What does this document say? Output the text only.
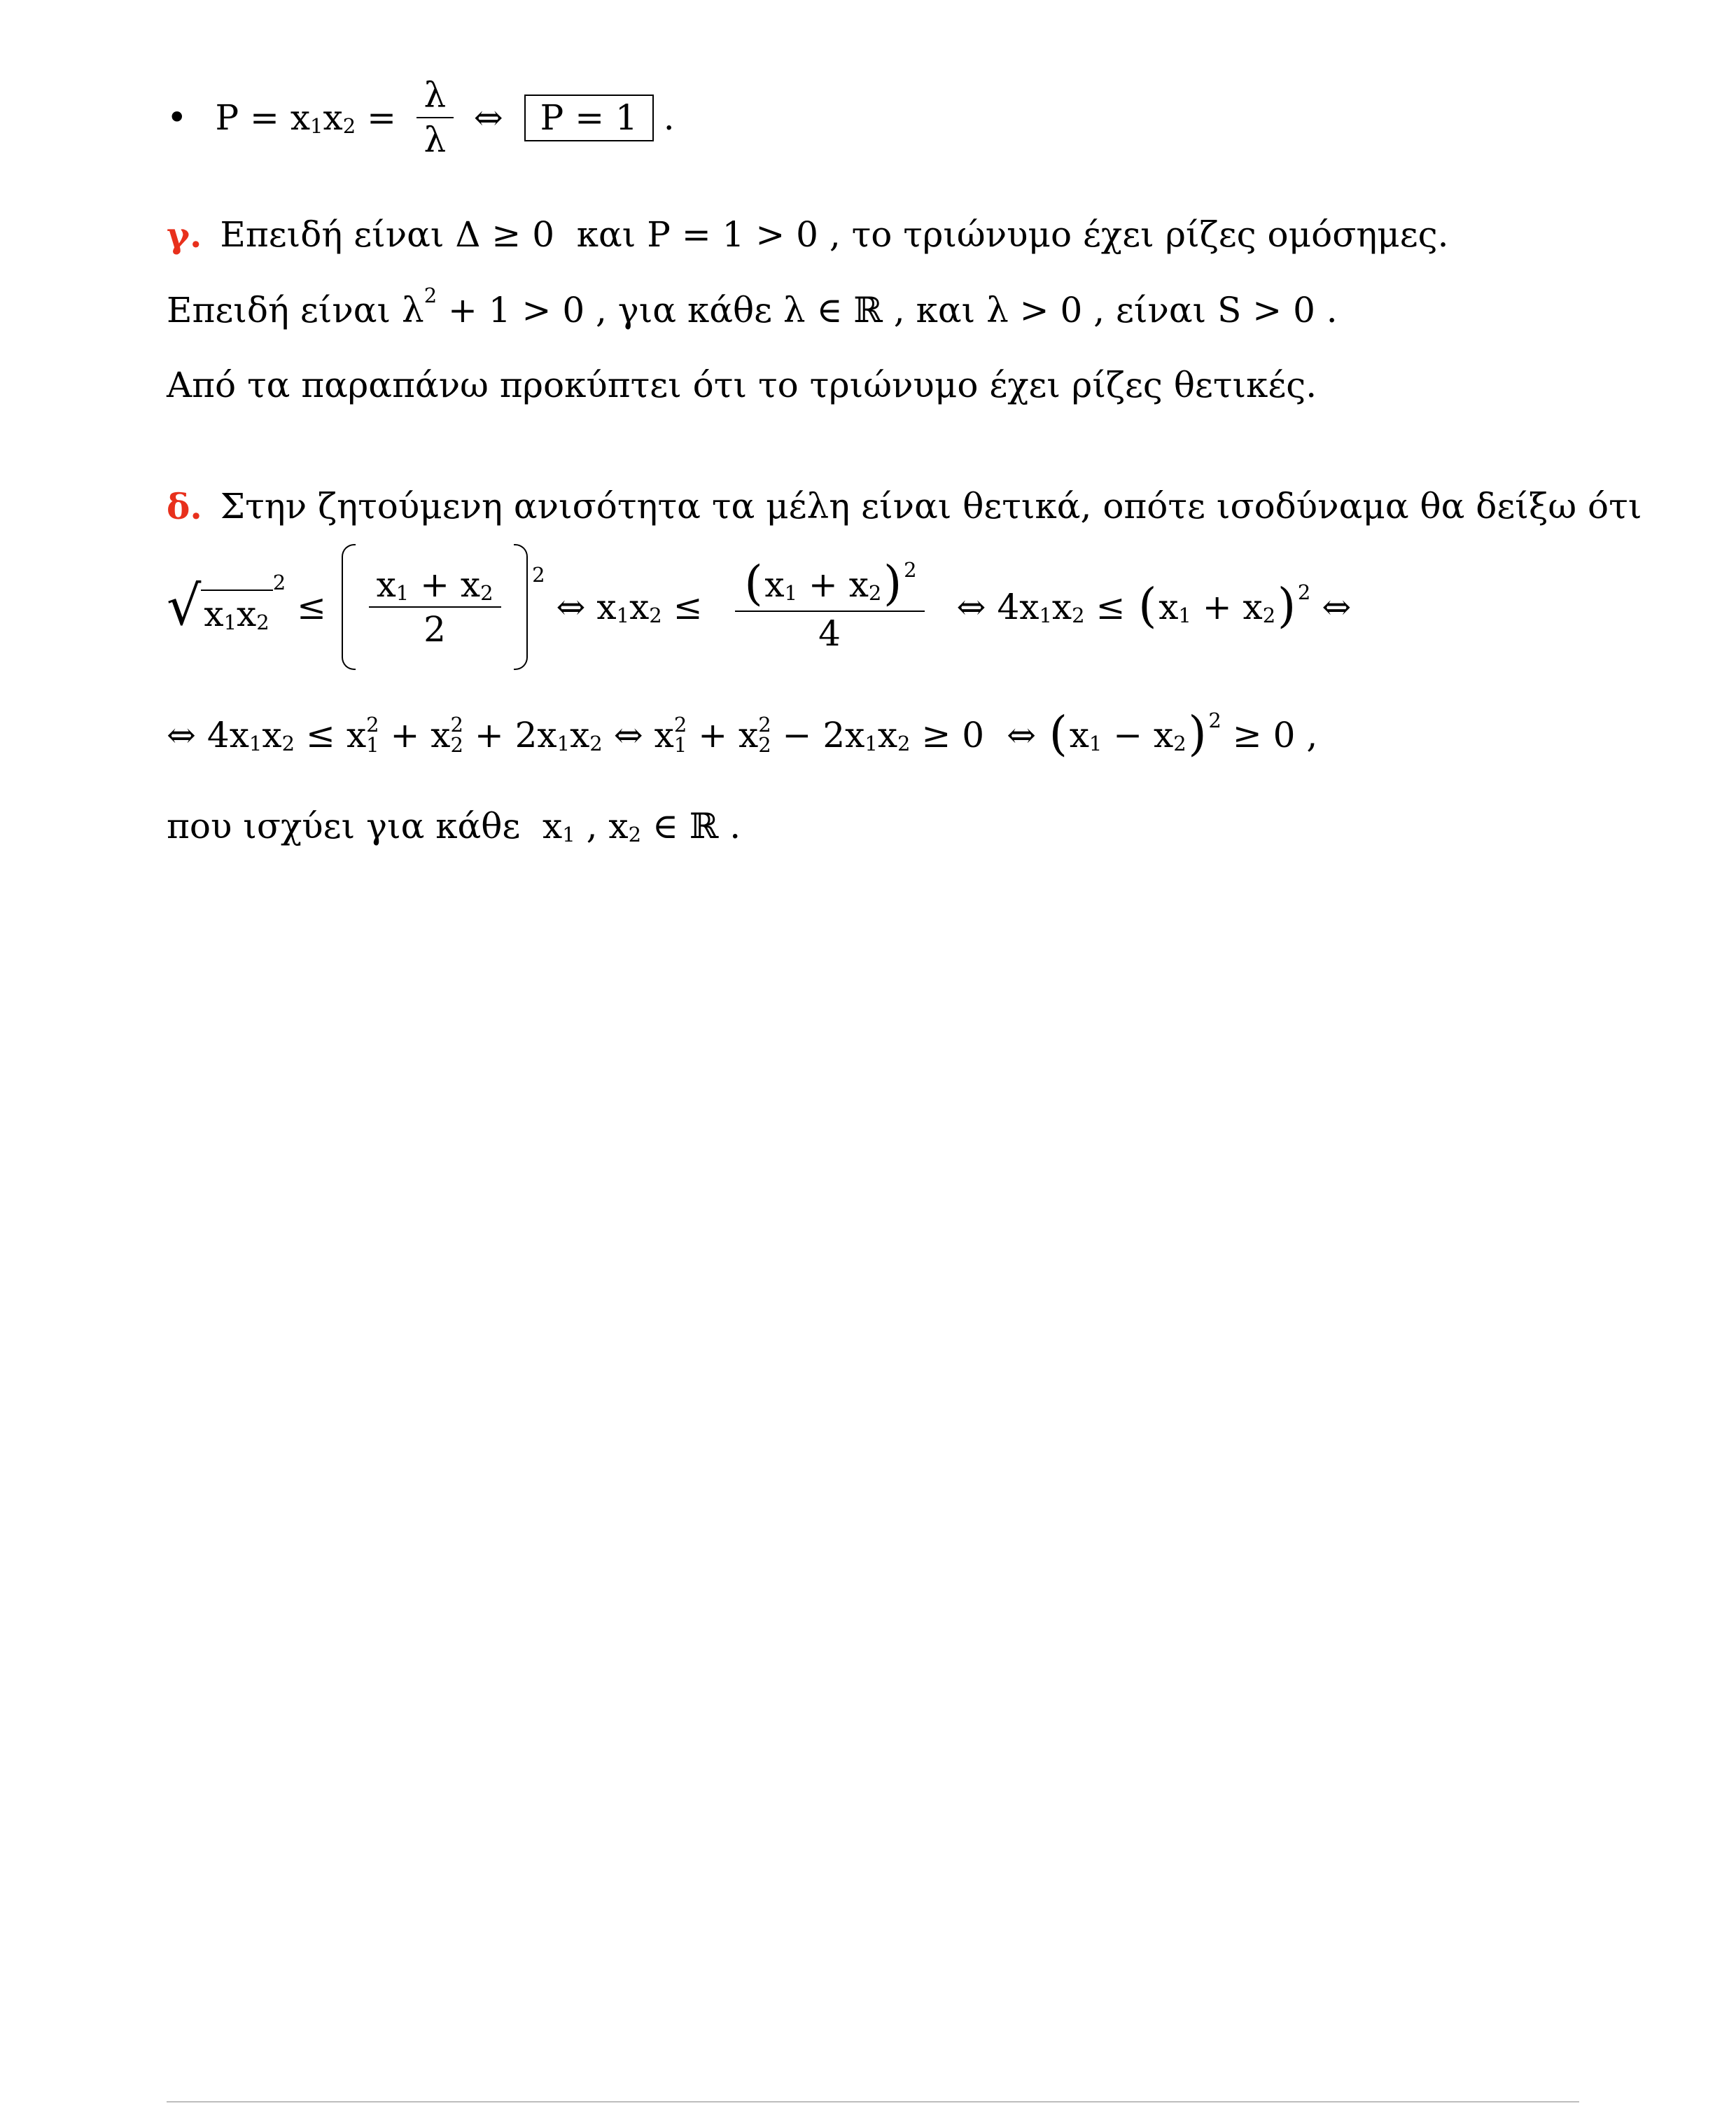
• P = x 1 x $2 = \frac{\lambda}{\lambda}$ ⇔	P = 1 .
γ. Επειδή είναι Δ ≥ 0  και P = 1 > 0 , το τριώνυμο έχει ρίζες ομόσημες.
Επειδή είναι λ 2 + 1 > 0 , για κάθε λ ∈ ℝ , και λ > 0 , είναι S > 0 .
Από τα παραπάνω προκύπτει ότι το τριώνυμο έχει ρίζες θετικές.
δ. Στην ζητούμενη ανισότητα τα μέλη είναι θετικά, οπότε ισοδύναμα θα δείξω ότι
√ x 1 x 2
2
≤ $\frac{x 1 + x 2}{2} 2$
⇔ x 1 x $2 \le \frac{( x 1 + x 2 ) 2}{4}$ ⇔ 4x 1 x 2 ≤ ( x 1 + x 2 ) 2 ⇔
⇔ 4x 1 x 2 ≤ x 2
1 + x 2
2 + 2x 1 x 2 ⇔ x 2
1 + x 2
2 − 2x 1 x 2 ≥ 0 ⇔ ( x 1 − x 2 ) 2 ≥ 0 ,
που ισχύει για κάθε  x 1 , x 2 ∈ ℝ .
